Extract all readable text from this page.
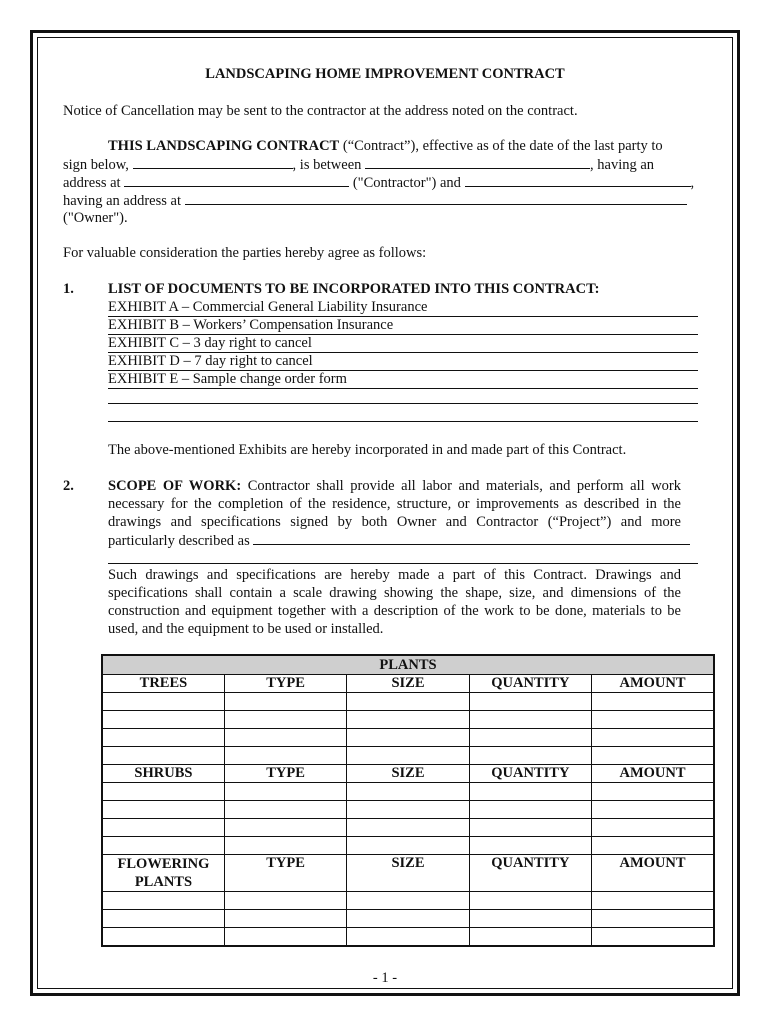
LANDSCAPING HOME IMPROVEMENT CONTRACT
Notice of Cancellation may be sent to the contractor at the address noted on the contract.
THIS LANDSCAPING CONTRACT (“Contract”), effective as of the date of the last party to
sign below,	, is between	, having an
address at	("Contractor") and	,
having an address at
("Owner").
For valuable consideration the parties hereby agree as follows:
1. LIST OF DOCUMENTS TO BE INCORPORATED INTO THIS CONTRACT:
EXHIBIT A – Commercial General Liability Insurance
EXHIBIT B – Workers’ Compensation Insurance
EXHIBIT C – 3 day right to cancel
EXHIBIT D – 7 day right to cancel
EXHIBIT E – Sample change order form
The above-mentioned Exhibits are hereby incorporated in and made part of this Contract.
2. SCOPE OF WORK: Contractor shall provide all labor and materials, and perform all work
necessary for the completion of the residence, structure, or improvements as described in the
drawings and specifications signed by both Owner and Contractor (“Project”) and more
particularly described as
Such drawings and specifications are hereby made a part of this Contract. Drawings and
specifications shall contain a scale drawing showing the shape, size, and dimensions of the
construction and equipment together with a description of the work to be done, materials to be
used, and the equipment to be used or installed.
PLANTS				
TREES	TYPE	SIZE	QUANTITY	AMOUNT

SHRUBS	TYPE	SIZE	QUANTITY	AMOUNT

FLOWERING PLANTS	TYPE	SIZE	QUANTITY	AMOUNT

- 1 -
